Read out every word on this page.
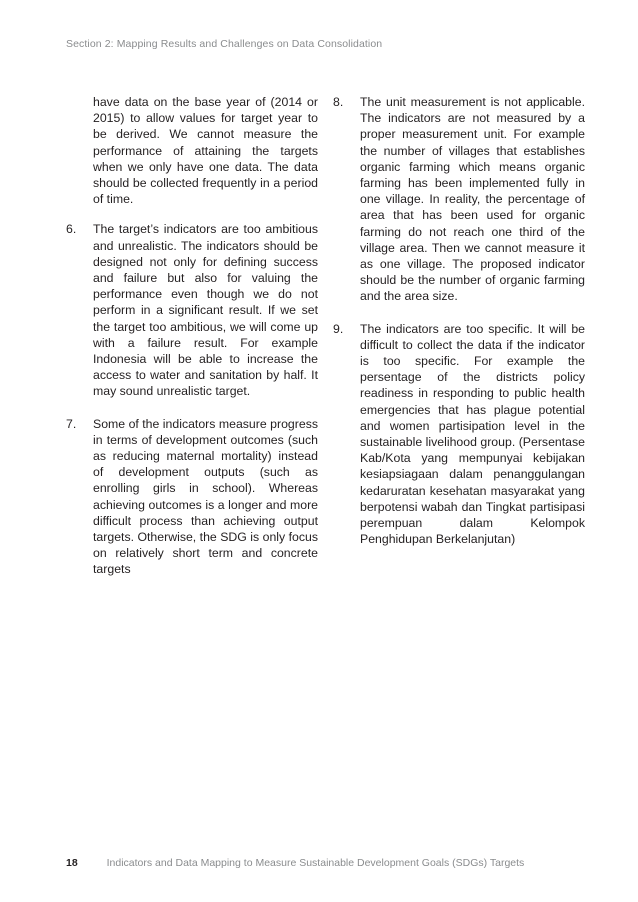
Section 2: Mapping Results and Challenges on Data Consolidation

have data on the base year of (2014 or 2015) to allow values for target year to be derived. We cannot measure the performance of attaining the targets when we only have one data. The data should be collected frequently in a period of time.

6.	The target’s indicators are too ambitious and unrealistic. The indicators should be designed not only for defining success and failure but also for valuing the performance even though we do not perform in a significant result. If we set the target too ambitious, we will come up with a failure result. For example Indonesia will be able to increase the access to water and sanitation by half. It may sound unrealistic target.
7.	Some of the indicators measure progress in terms of development outcomes (such as reducing maternal mortality) instead of development outputs (such as enrolling girls in school). Whereas achieving outcomes is a longer and more difficult process than achieving output targets. Otherwise, the SDG is only focus on relatively short term and concrete targets
8.	The unit measurement is not applicable. The indicators are not measured by a proper measurement unit. For example the number of villages that establishes organic farming which means organic farming has been implemented fully in one village. In reality, the percentage of area that has been used for organic farming do not reach one third of the village area. Then we cannot measure it as one village. The proposed indicator should be the number of organic farming and the area size.
9.	The indicators are too specific. It will be difficult to collect the data if the indicator is too specific. For example the persentage of the districts policy readiness in responding to public health emergencies that has plague potential and women partisipation level in the sustainable livelihood group. (Persentase Kab/Kota yang mempunyai kebijakan kesiapsiagaan dalam penanggulangan kedaruratan kesehatan masyarakat yang berpotensi wabah dan Tingkat partisipasi perempuan dalam Kelompok Penghidupan Berkelanjutan)
18	Indicators and Data Mapping to Measure Sustainable Development Goals (SDGs) Targets
